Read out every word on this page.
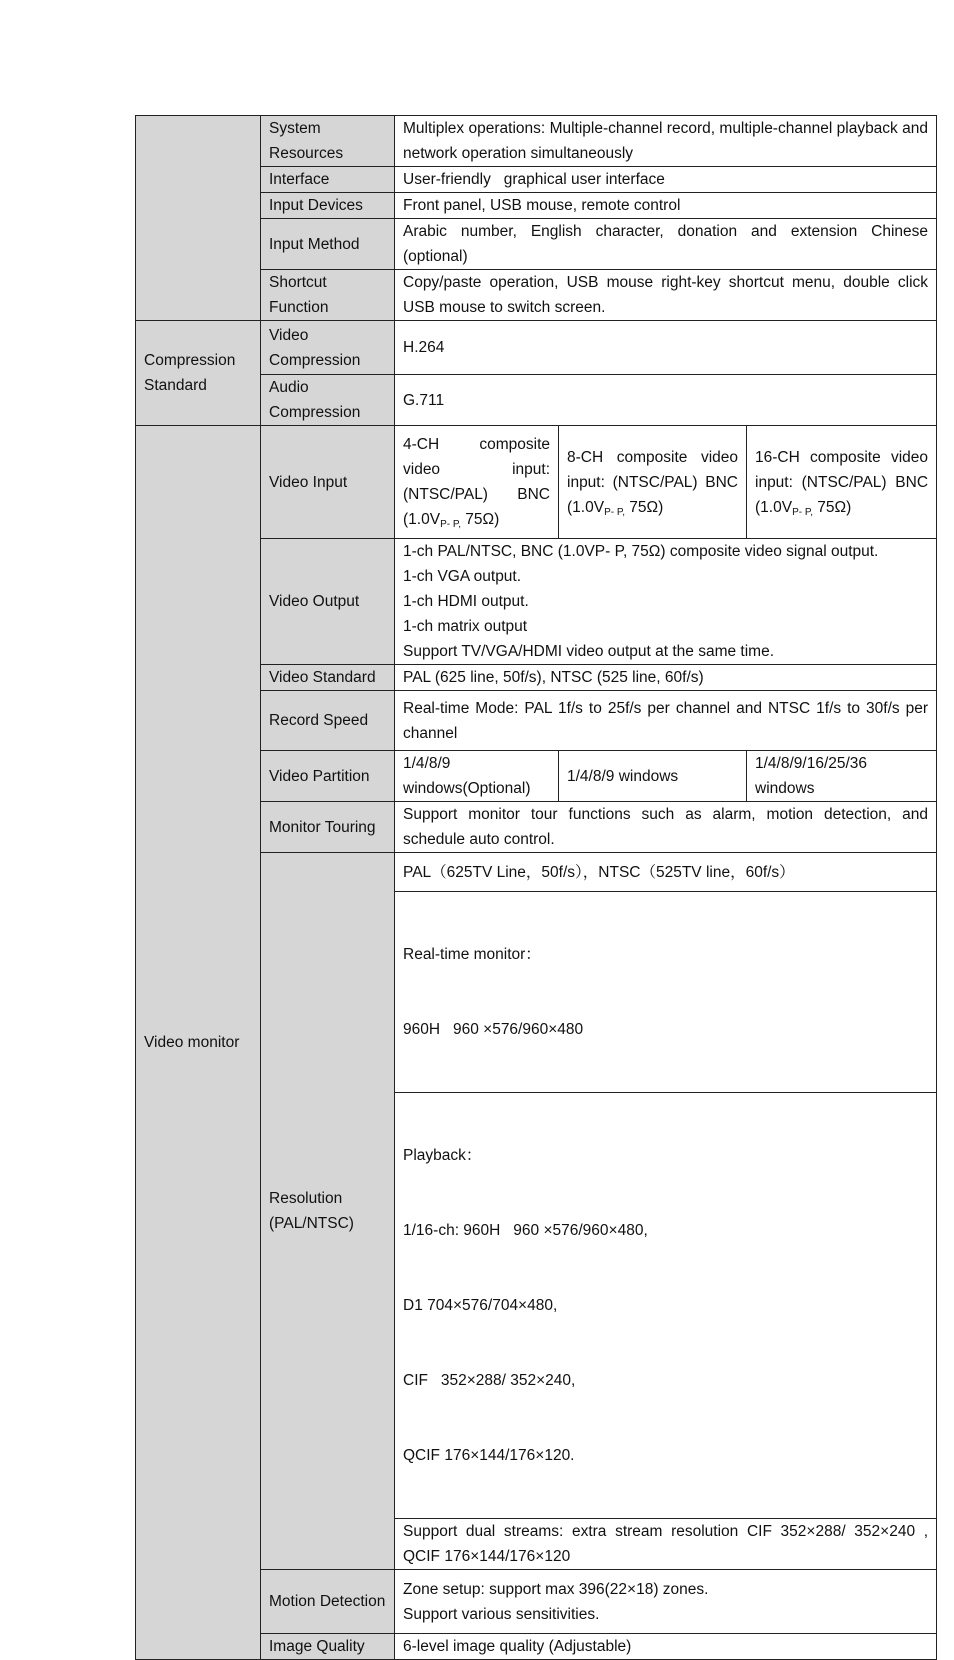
	System Resources	Multiplex operations: Multiple-channel record, multiple-channel playback and network operation simultaneously		
	Interface	User-friendly   graphical user interface		
	Input Devices	Front panel, USB mouse, remote control		
	Input Method	Arabic number, English character, donation and extension Chinese (optional)		
	Shortcut Function	Copy/paste operation, USB mouse right-key shortcut menu, double click USB mouse to switch screen.		
Compression Standard	Video Compression	H.264		
	Audio Compression	G.711		
Video monitor	Video Input	4-CH composite video input: (NTSC/PAL) BNC ($1.0V_{P- P,}$ 75Ω)	8-CH composite video input: (NTSC/PAL) BNC ($1.0V_{P- P,}$ 75Ω)	16-CH composite video input: (NTSC/PAL) BNC ($1.0V_{P- P,}$ 75Ω)
	Video Output	1-ch PAL/NTSC, BNC (1.0VP- P, 75Ω) composite video signal output.
1-ch VGA output.
1-ch HDMI output.
1-ch matrix output
Support TV/VGA/HDMI video output at the same time.		

	Video Standard	PAL (625 line, 50f/s), NTSC (525 line, 60f/s)		
	Record Speed	Real-time Mode: PAL 1f/s to 25f/s per channel and NTSC 1f/s to 30f/s per channel		
	Video Partition	1/4/8/9 windows(Optional)	1/4/8/9 windows	1/4/8/9/16/25/36 windows
	Monitor Touring	Support monitor tour functions such as alarm, motion detection, and schedule auto control.		
	Resolution (PAL/NTSC)	PAL（625TV Line，50f/s），NTSC（525TV line，60f/s）		

		Real-time monitor：

960H   960 ×576/960×480		

		Playback：

1/16-ch: 960H   960 ×576/960×480,

D1 704×576/704×480,

CIF   352×288/ 352×240,

QCIF 176×144/176×120.		

		Support dual streams: extra stream resolution CIF 352×288/ 352×240 , QCIF 176×144/176×120		
	Motion Detection	Zone setup: support max 396(22×18) zones.
Support various sensitivities.		

	Image Quality	6-level image quality (Adjustable)		
